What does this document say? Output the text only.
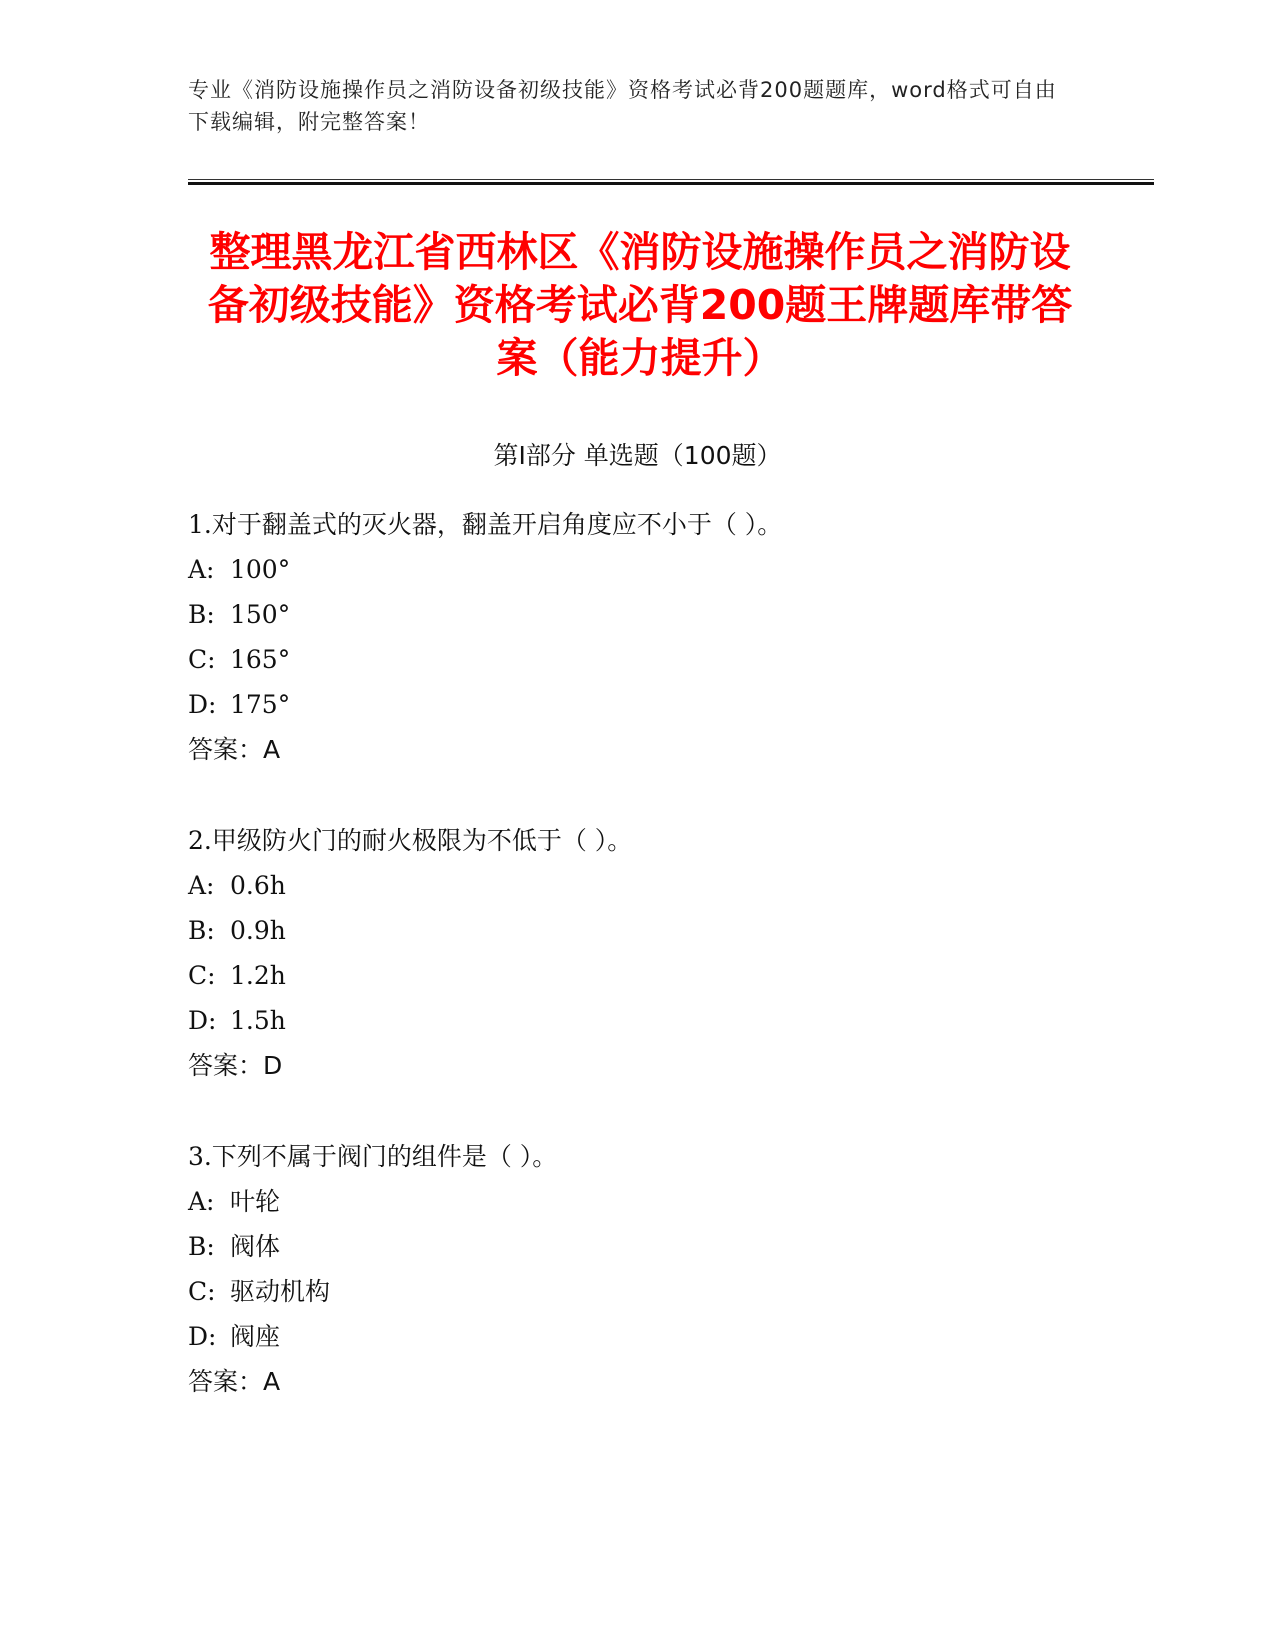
专业《消防设施操作员之消防设备初级技能》资格考试必背200题题库，word格式可自由下载编辑，附完整答案！
整理黑龙江省西林区《消防设施操作员之消防设备初级技能》资格考试必背200题王牌题库带答案（能力提升）
第Ⅰ部分 单选题（100题）
1.对于翻盖式的灭火器，翻盖开启角度应不小于（ ）。
A: 100°
B: 150°
C: 165°
D: 175°
答案：A
2.甲级防火门的耐火极限为不低于（ ）。
A: 0.6h
B: 0.9h
C: 1.2h
D: 1.5h
答案：D
3.下列不属于阀门的组件是（ ）。
A: 叶轮
B: 阀体
C: 驱动机构
D: 阀座
答案：A
